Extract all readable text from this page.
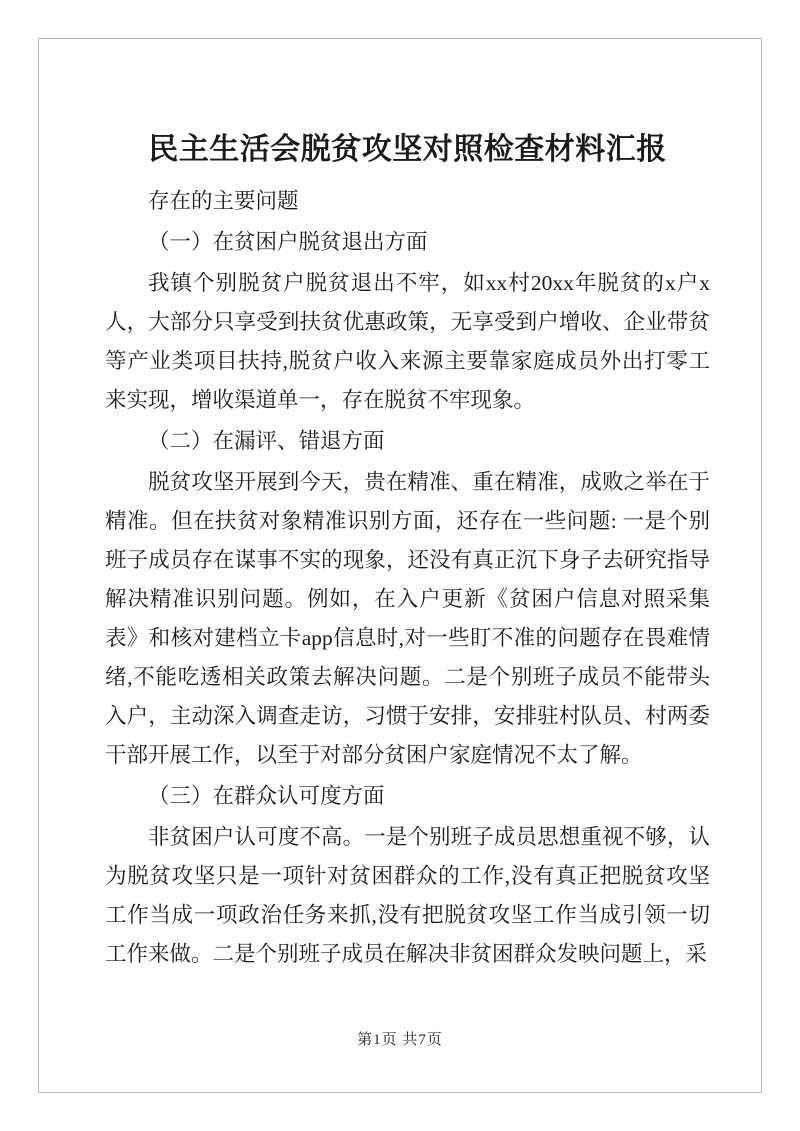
民主生活会脱贫攻坚对照检查材料汇报

存在的主要问题

（一）在贫困户脱贫退出方面

我镇个别脱贫户脱贫退出不牢，如xx村20xx年脱贫的x户x人，大部分只享受到扶贫优惠政策，无享受到户增收、企业带贫等产业类项目扶持,脱贫户收入来源主要靠家庭成员外出打零工来实现，增收渠道单一，存在脱贫不牢现象。

（二）在漏评、错退方面

脱贫攻坚开展到今天，贵在精准、重在精准，成败之举在于精准。但在扶贫对象精准识别方面，还存在一些问题: 一是个别班子成员存在谋事不实的现象，还没有真正沉下身子去研究指导解决精准识别问题。例如，在入户更新《贫困户信息对照采集表》和核对建档立卡app信息时,对一些盯不准的问题存在畏难情绪,不能吃透相关政策去解决问题。二是个别班子成员不能带头入户，主动深入调查走访，习惯于安排，安排驻村队员、村两委干部开展工作，以至于对部分贫困户家庭情况不太了解。

（三）在群众认可度方面

非贫困户认可度不高。一是个别班子成员思想重视不够，认为脱贫攻坚只是一项针对贫困群众的工作,没有真正把脱贫攻坚工作当成一项政治任务来抓,没有把脱贫攻坚工作当成引领一切工作来做。二是个别班子成员在解决非贫困群众发映问题上，采

第1页 共7页
